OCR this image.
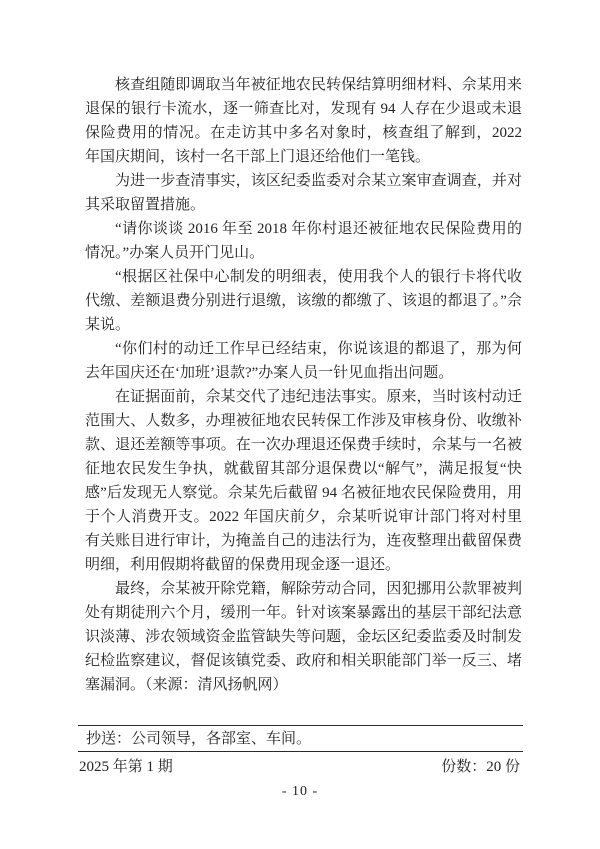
核查组随即调取当年被征地农民转保结算明细材料、佘某用来退保的银行卡流水，逐一筛查比对，发现有 94 人存在少退或未退保险费用的情况。在走访其中多名对象时，核查组了解到，2022 年国庆期间，该村一名干部上门退还给他们一笔钱。

为进一步查清事实，该区纪委监委对佘某立案审查调查，并对其采取留置措施。

“请你谈谈 2016 年至 2018 年你村退还被征地农民保险费用的情况。”办案人员开门见山。

“根据区社保中心制发的明细表，使用我个人的银行卡将代收代缴、差额退费分别进行退缴，该缴的都缴了、该退的都退了。”佘某说。

“你们村的动迁工作早已经结束，你说该退的都退了，那为何去年国庆还在‘加班’退款?”办案人员一针见血指出问题。

在证据面前，佘某交代了违纪违法事实。原来，当时该村动迁范围大、人数多，办理被征地农民转保工作涉及审核身份、收缴补款、退还差额等事项。在一次办理退还保费手续时，佘某与一名被征地农民发生争执，就截留其部分退保费以“解气”，满足报复“快感”后发现无人察觉。佘某先后截留 94 名被征地农民保险费用，用于个人消费开支。2022 年国庆前夕，佘某听说审计部门将对村里有关账目进行审计，为掩盖自己的违法行为，连夜整理出截留保费明细，利用假期将截留的保费用现金逐一退还。

最终，佘某被开除党籍，解除劳动合同，因犯挪用公款罪被判处有期徒刑六个月，缓刑一年。针对该案暴露出的基层干部纪法意识淡薄、涉农领域资金监管缺失等问题，金坛区纪委监委及时制发纪检监察建议，督促该镇党委、政府和相关职能部门举一反三、堵塞漏洞。（来源：清风扬帆网）

抄送：公司领导，各部室、车间。
2025 年第 1 期	份数：20 份
- 10 -
